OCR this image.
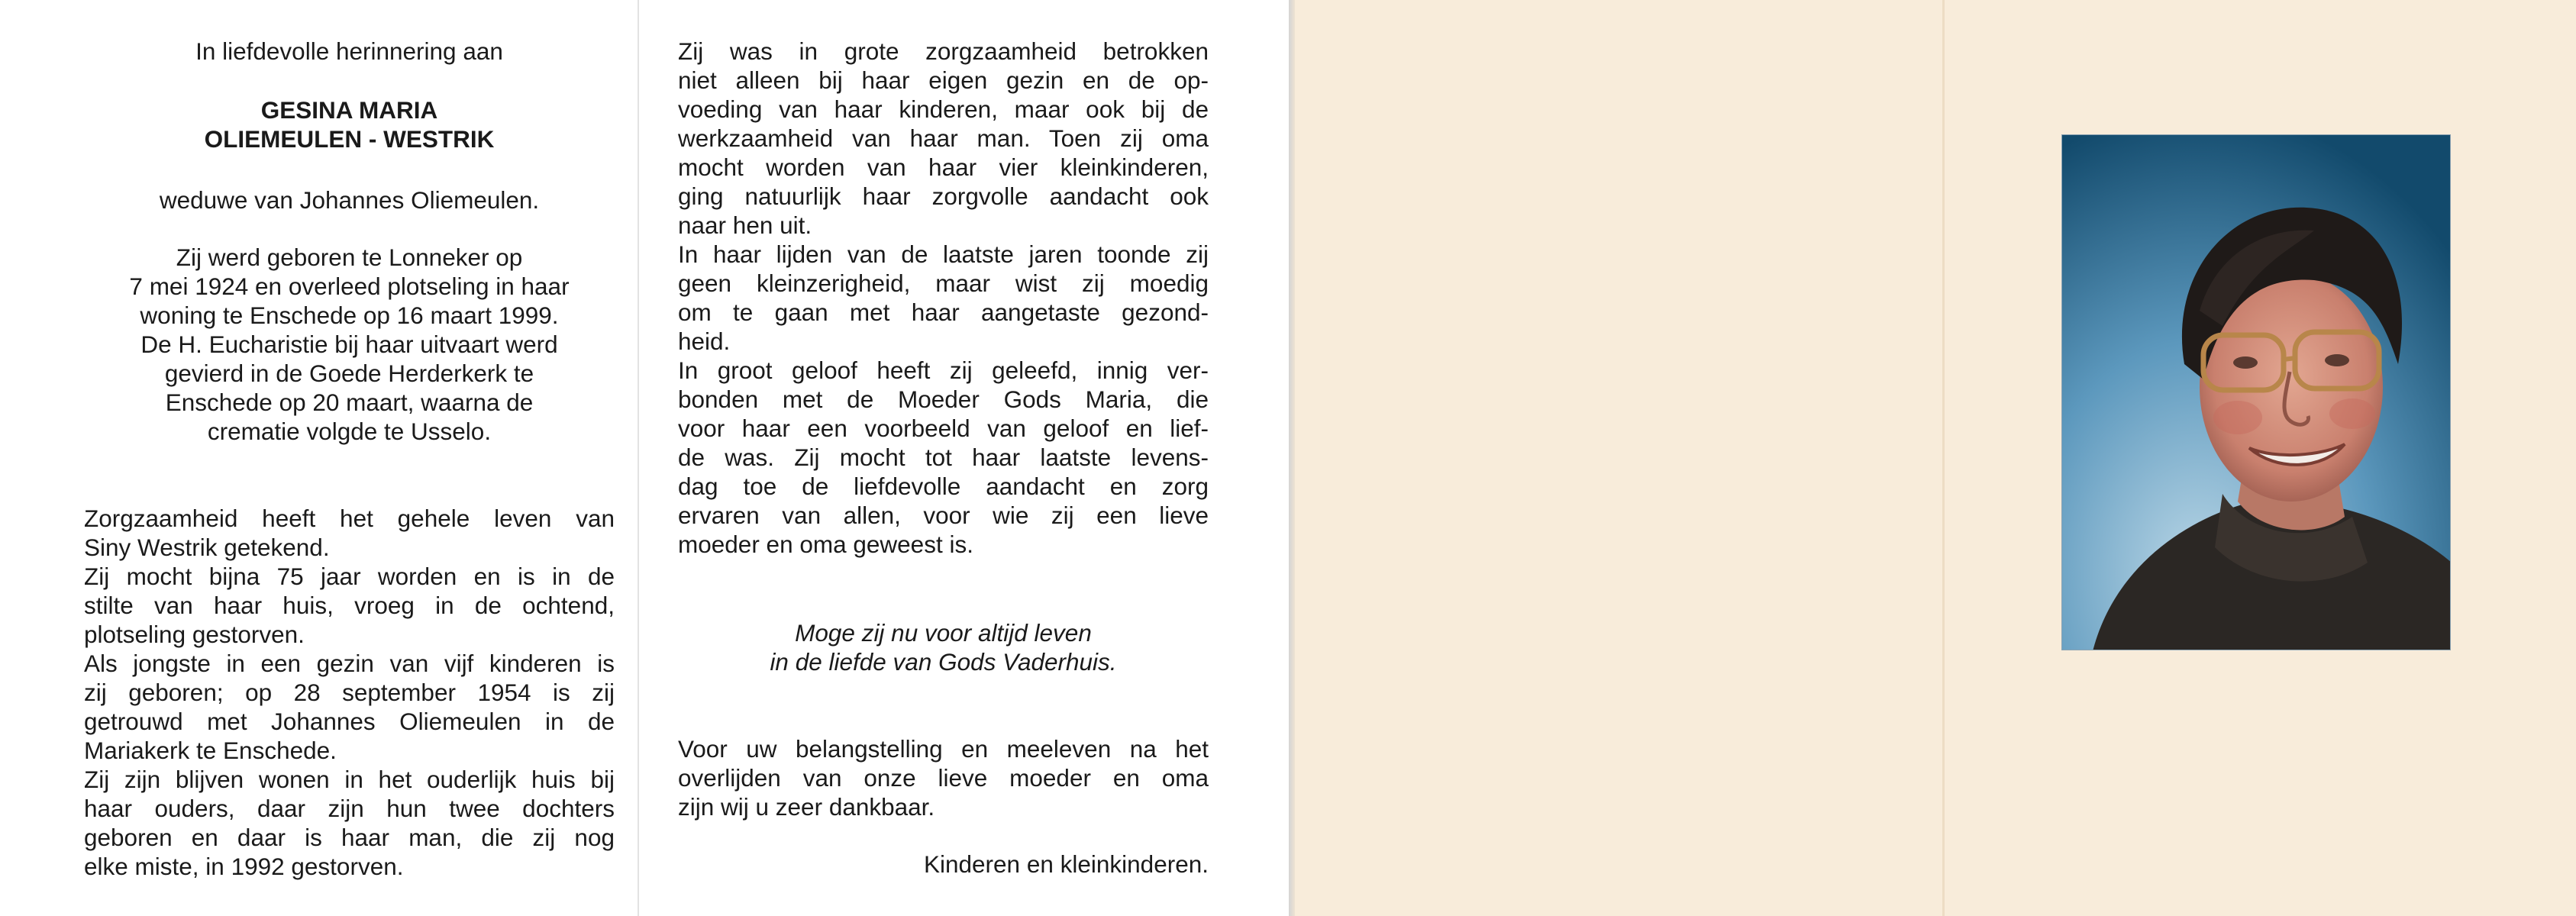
In liefdevolle herinnering aan
GESINA MARIA
OLIEMEULEN - WESTRIK
weduwe van Johannes Oliemeulen.
Zij werd geboren te Lonneker op
7 mei 1924 en overleed plotseling in haar
woning te Enschede op 16 maart 1999.
De H. Eucharistie bij haar uitvaart werd
gevierd in de Goede Herderkerk te
Enschede op 20 maart, waarna de
crematie volgde te Usselo.
Zorgzaamheid heeft het gehele leven van
Siny Westrik getekend.
Zij mocht bijna 75 jaar worden en is in de
stilte van haar huis, vroeg in de ochtend,
plotseling gestorven.
Als jongste in een gezin van vijf kinderen is
zij geboren; op 28 september 1954 is zij
getrouwd met Johannes Oliemeulen in de
Mariakerk te Enschede.
Zij zijn blijven wonen in het ouderlijk huis bij
haar ouders, daar zijn hun twee dochters
geboren en daar is haar man, die zij nog
elke miste, in 1992 gestorven.
Zij was in grote zorgzaamheid betrokken
niet alleen bij haar eigen gezin en de op-
voeding van haar kinderen, maar ook bij de
werkzaamheid van haar man. Toen zij oma
mocht worden van haar vier kleinkinderen,
ging natuurlijk haar zorgvolle aandacht ook
naar hen uit.
In haar lijden van de laatste jaren toonde zij
geen kleinzerigheid, maar wist zij moedig
om te gaan met haar aangetaste gezond-
heid.
In groot geloof heeft zij geleefd, innig ver-
bonden met de Moeder Gods Maria, die
voor haar een voorbeeld van geloof en lief-
de was. Zij mocht tot haar laatste levens-
dag toe de liefdevolle aandacht en zorg
ervaren van allen, voor wie zij een lieve
moeder en oma geweest is.
Moge zij nu voor altijd leven
in de liefde van Gods Vaderhuis.
Voor uw belangstelling en meeleven na het
overlijden van onze lieve moeder en oma
zijn wij u zeer dankbaar.
Kinderen en kleinkinderen.
